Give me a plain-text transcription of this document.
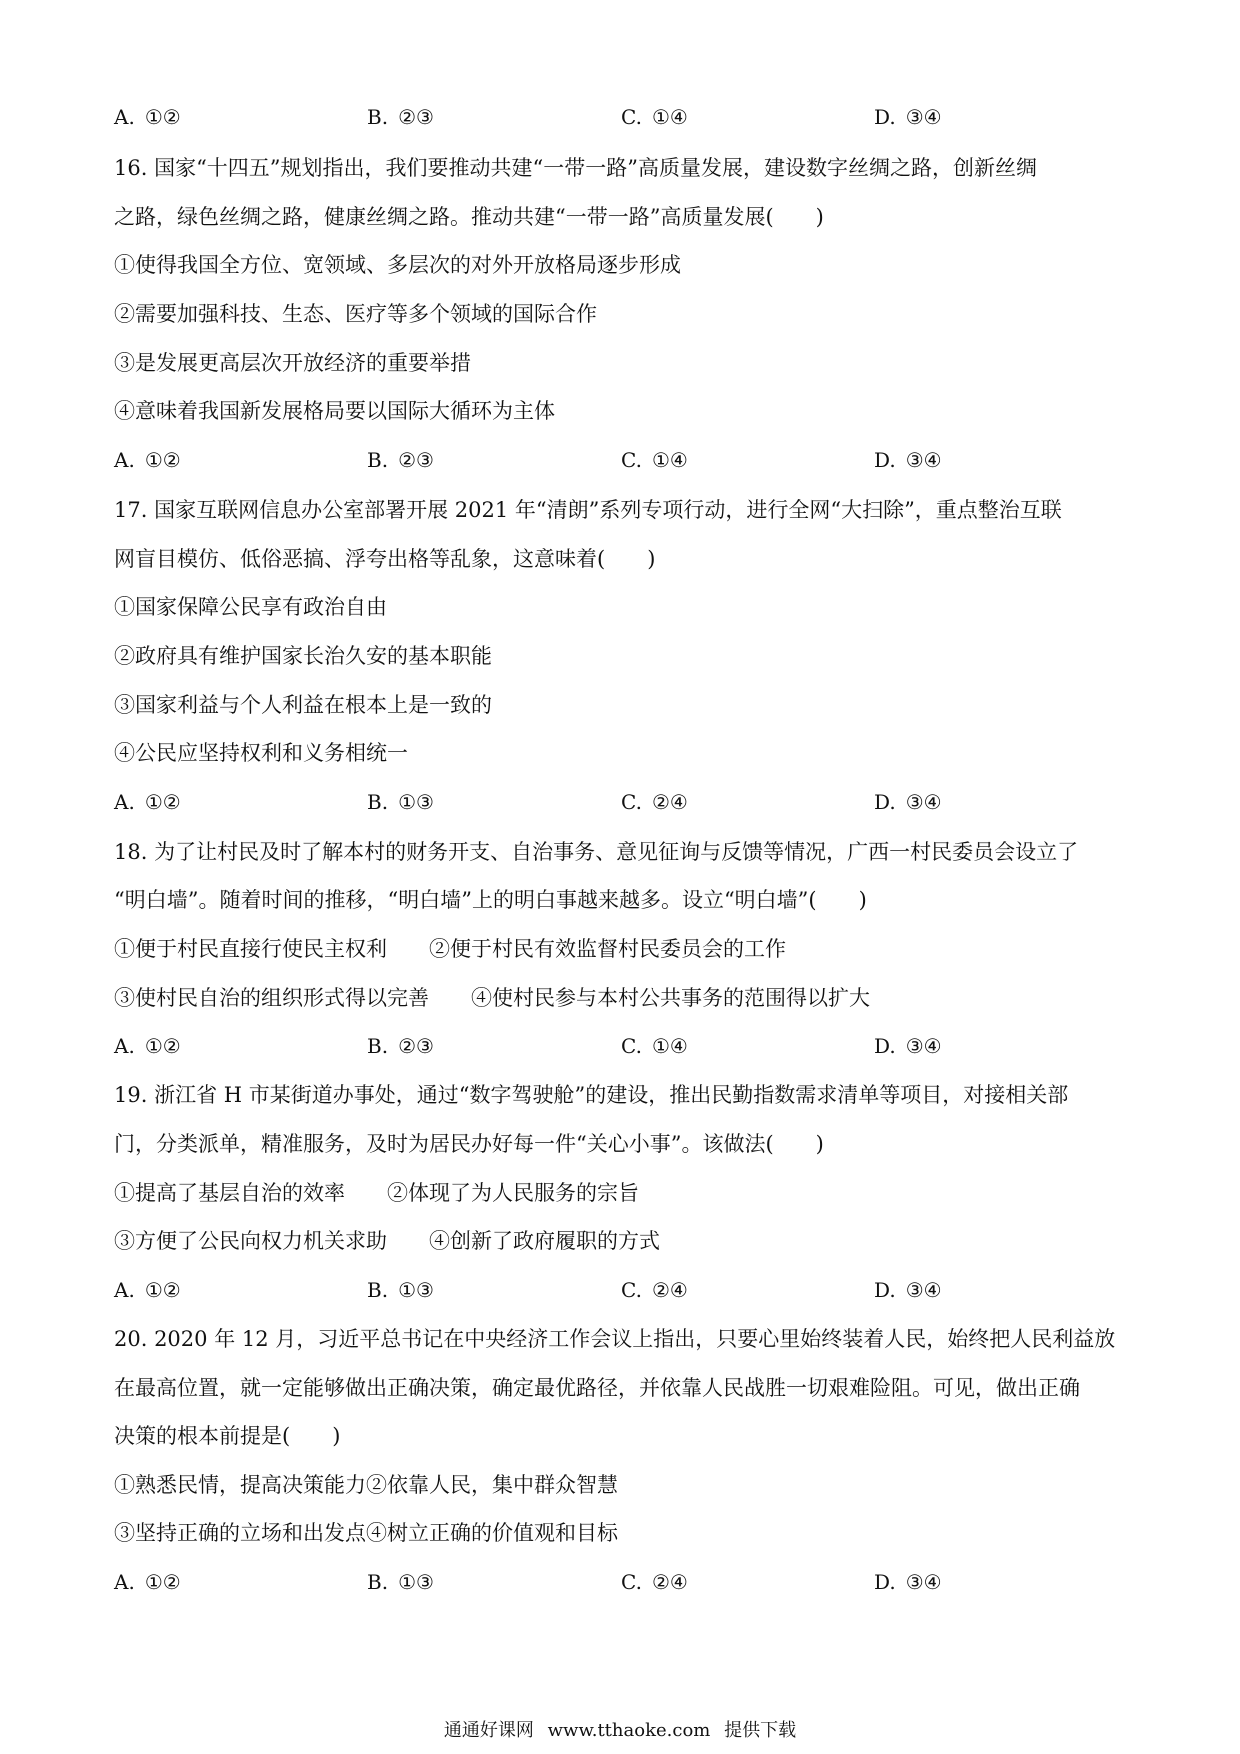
A. ①②	B. ②③	C. ①④	D. ③④
16. 国家“十四五”规划指出，我们要推动共建“一带一路”高质量发展，建设数字丝绸之路，创新丝绸
之路，绿色丝绸之路，健康丝绸之路。推动共建“一带一路”高质量发展(　　)
①使得我国全方位、宽领域、多层次的对外开放格局逐步形成
②需要加强科技、生态、医疗等多个领域的国际合作
③是发展更高层次开放经济的重要举措
④意味着我国新发展格局要以国际大循环为主体
A. ①②	B. ②③	C. ①④	D. ③④
17. 国家互联网信息办公室部署开展 2021 年“清朗”系列专项行动，进行全网“大扫除”，重点整治互联
网盲目模仿、低俗恶搞、浮夸出格等乱象，这意味着(　　)
①国家保障公民享有政治自由
②政府具有维护国家长治久安的基本职能
③国家利益与个人利益在根本上是一致的
④公民应坚持权利和义务相统一
A. ①②	B. ①③	C. ②④	D. ③④
18. 为了让村民及时了解本村的财务开支、自治事务、意见征询与反馈等情况，广西一村民委员会设立了
“明白墙”。随着时间的推移，“明白墙”上的明白事越来越多。设立“明白墙”(　　)
①便于村民直接行使民主权利　　②便于村民有效监督村民委员会的工作
③使村民自治的组织形式得以完善　　④使村民参与本村公共事务的范围得以扩大
A. ①②	B. ②③	C. ①④	D. ③④
19. 浙江省 H 市某街道办事处，通过“数字驾驶舱”的建设，推出民勤指数需求清单等项目，对接相关部
门，分类派单，精准服务，及时为居民办好每一件“关心小事”。该做法(　　)
①提高了基层自治的效率　　②体现了为人民服务的宗旨
③方便了公民向权力机关求助　　④创新了政府履职的方式
A. ①②	B. ①③	C. ②④	D. ③④
20. 2020 年 12 月，习近平总书记在中央经济工作会议上指出，只要心里始终装着人民，始终把人民利益放
在最高位置，就一定能够做出正确决策，确定最优路径，并依靠人民战胜一切艰难险阻。可见，做出正确
决策的根本前提是(　　)
①熟悉民情，提高决策能力②依靠人民，集中群众智慧
③坚持正确的立场和出发点④树立正确的价值观和目标
A. ①②	B. ①③	C. ②④	D. ③④
通通好课网 www.tthaoke.com 提供下载
